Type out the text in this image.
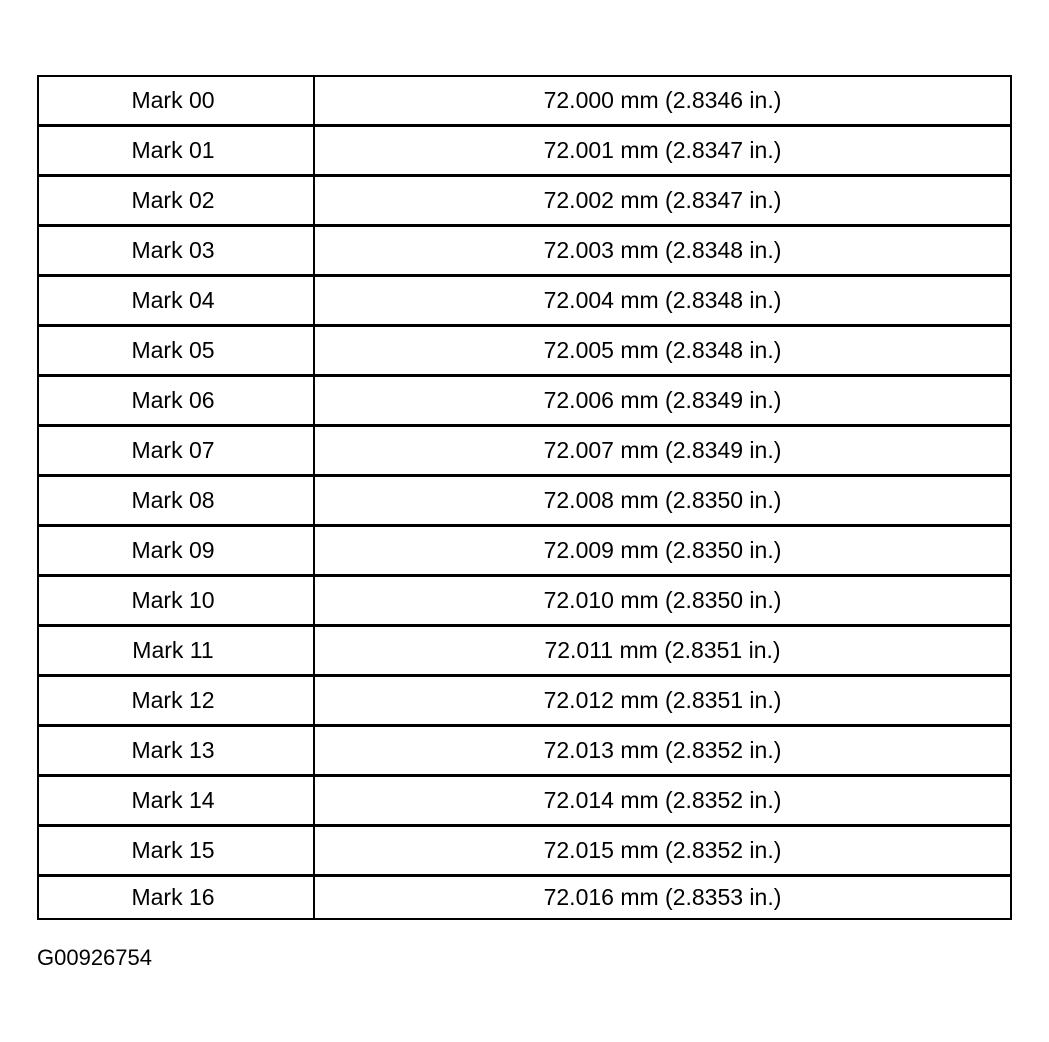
Mark 00	72.000 mm (2.8346 in.)
Mark 01	72.001 mm (2.8347 in.)
Mark 02	72.002 mm (2.8347 in.)
Mark 03	72.003 mm (2.8348 in.)
Mark 04	72.004 mm (2.8348 in.)
Mark 05	72.005 mm (2.8348 in.)
Mark 06	72.006 mm (2.8349 in.)
Mark 07	72.007 mm (2.8349 in.)
Mark 08	72.008 mm (2.8350 in.)
Mark 09	72.009 mm (2.8350 in.)
Mark 10	72.010 mm (2.8350 in.)
Mark 11	72.011 mm (2.8351 in.)
Mark 12	72.012 mm (2.8351 in.)
Mark 13	72.013 mm (2.8352 in.)
Mark 14	72.014 mm (2.8352 in.)
Mark 15	72.015 mm (2.8352 in.)
Mark 16	72.016 mm (2.8353 in.)
G00926754
